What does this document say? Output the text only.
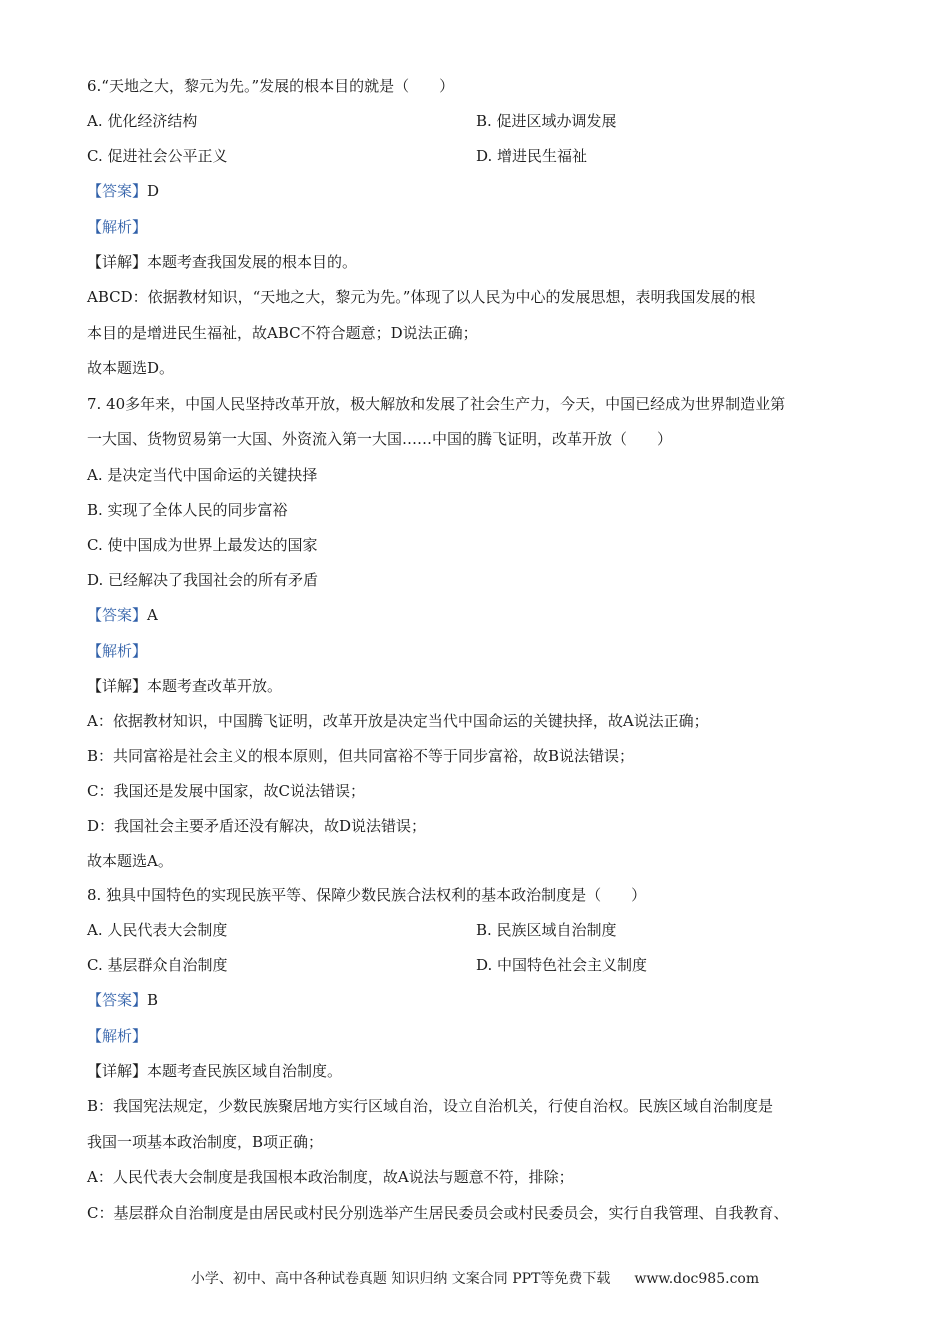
6.“天地之大，黎元为先。”发展的根本目的就是（　　）
A. 优化经济结构	B. 促进区域办调发展
C. 促进社会公平正义	D. 增进民生福祉
【答案】D
【解析】
【详解】本题考查我国发展的根本目的。
ABCD：依据教材知识，“天地之大，黎元为先。”体现了以人民为中心的发展思想，表明我国发展的根
本目的是增进民生福祉，故ABC不符合题意；D说法正确；
故本题选D。
7. 40多年来，中国人民坚持改革开放，极大解放和发展了社会生产力，今天，中国已经成为世界制造业第
一大国、货物贸易第一大国、外资流入第一大国……中国的腾飞证明，改革开放（　　）
A. 是决定当代中国命运的关键抉择
B. 实现了全体人民的同步富裕
C. 使中国成为世界上最发达的国家
D. 已经解决了我国社会的所有矛盾
【答案】A
【解析】
【详解】本题考查改革开放。
A：依据教材知识，中国腾飞证明，改革开放是决定当代中国命运的关键抉择，故A说法正确；
B：共同富裕是社会主义的根本原则，但共同富裕不等于同步富裕，故B说法错误；
C：我国还是发展中国家，故C说法错误；
D：我国社会主要矛盾还没有解决，故D说法错误；
故本题选A。
8. 独具中国特色的实现民族平等、保障少数民族合法权利的基本政治制度是（　　）
A. 人民代表大会制度	B. 民族区域自治制度
C. 基层群众自治制度	D. 中国特色社会主义制度
【答案】B
【解析】
【详解】本题考查民族区域自治制度。
B：我国宪法规定，少数民族聚居地方实行区域自治，设立自治机关，行使自治权。民族区域自治制度是
我国一项基本政治制度，B项正确；
A：人民代表大会制度是我国根本政治制度，故A说法与题意不符，排除；
C：基层群众自治制度是由居民或村民分别选举产生居民委员会或村民委员会，实行自我管理、自我教育、
小学、初中、高中各种试卷真题 知识归纳 文案合同 PPT等免费下载 www.doc985.com
